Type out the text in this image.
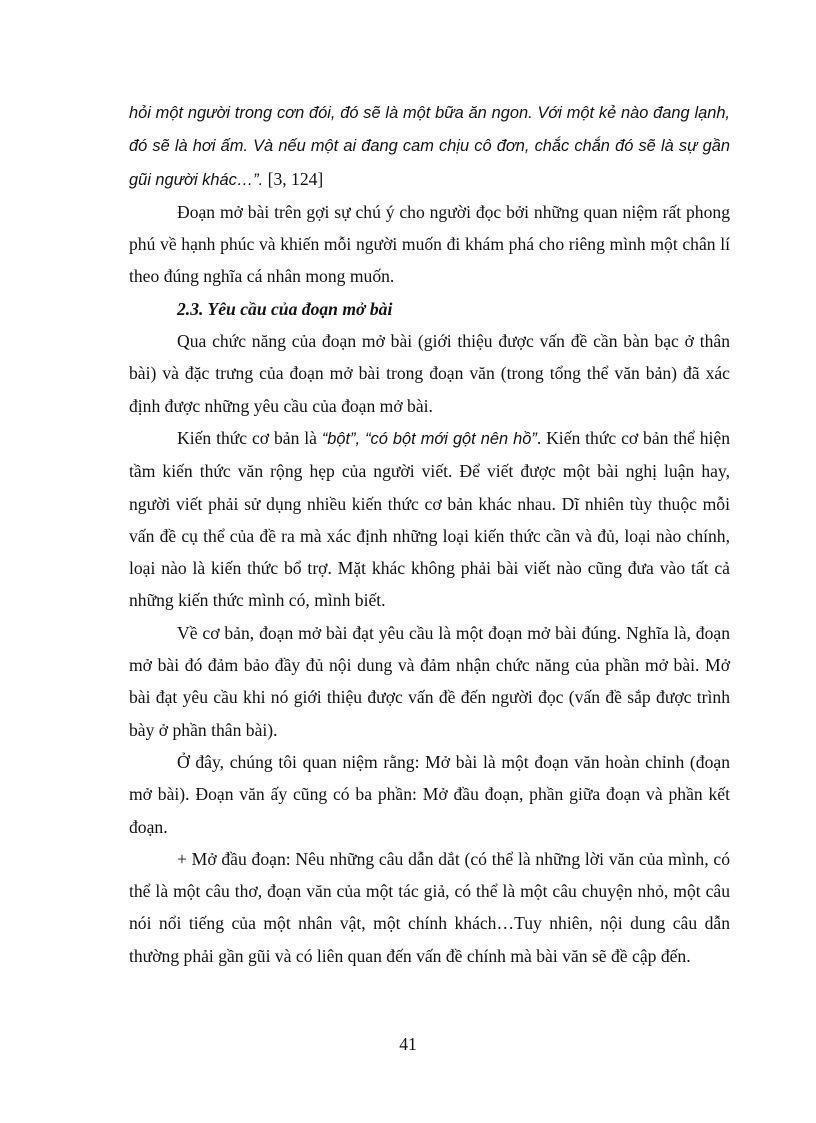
hỏi một người trong cơn đói, đó sẽ là một bữa ăn ngon. Với một kẻ nào đang lạnh, đó sẽ là hơi ấm. Và nếu một ai đang cam chịu cô đơn, chắc chắn đó sẽ là sự gần gũi người khác…”. [3, 124]

Đoạn mở bài trên gợi sự chú ý cho người đọc bởi những quan niệm rất phong phú về hạnh phúc và khiến mỗi người muốn đi khám phá cho riêng mình một chân lí theo đúng nghĩa cá nhân mong muốn.

2.3. Yêu cầu của đoạn mở bài

Qua chức năng của đoạn mở bài (giới thiệu được vấn đề cần bàn bạc ở thân bài) và đặc trưng của đoạn mở bài trong đoạn văn (trong tổng thể văn bản) đã xác định được những yêu cầu của đoạn mở bài.

Kiến thức cơ bản là “bột”, “có bột mới gột nên hồ”. Kiến thức cơ bản thể hiện tầm kiến thức văn rộng hẹp của người viết. Để viết được một bài nghị luận hay, người viết phải sử dụng nhiều kiến thức cơ bản khác nhau. Dĩ nhiên tùy thuộc mỗi vấn đề cụ thể của đề ra mà xác định những loại kiến thức cần và đủ, loại nào chính, loại nào là kiến thức bổ trợ. Mặt khác không phải bài viết nào cũng đưa vào tất cả những kiến thức mình có, mình biết.

Về cơ bản, đoạn mở bài đạt yêu cầu là một đoạn mở bài đúng. Nghĩa là, đoạn mở bài đó đảm bảo đầy đủ nội dung và đảm nhận chức năng của phần mở bài. Mở bài đạt yêu cầu khi nó giới thiệu được vấn đề đến người đọc (vấn đề sắp được trình bày ở phần thân bài).

Ở đây, chúng tôi quan niệm rằng: Mở bài là một đoạn văn hoàn chỉnh (đoạn mở bài). Đoạn văn ấy cũng có ba phần: Mở đầu đoạn, phần giữa đoạn và phần kết đoạn.

+ Mở đầu đoạn: Nêu những câu dẫn dắt (có thể là những lời văn của mình, có thể là một câu thơ, đoạn văn của một tác giả, có thể là một câu chuyện nhỏ, một câu nói nổi tiếng của một nhân vật, một chính khách…Tuy nhiên, nội dung câu dẫn thường phải gần gũi và có liên quan đến vấn đề chính mà bài văn sẽ đề cập đến.

41
